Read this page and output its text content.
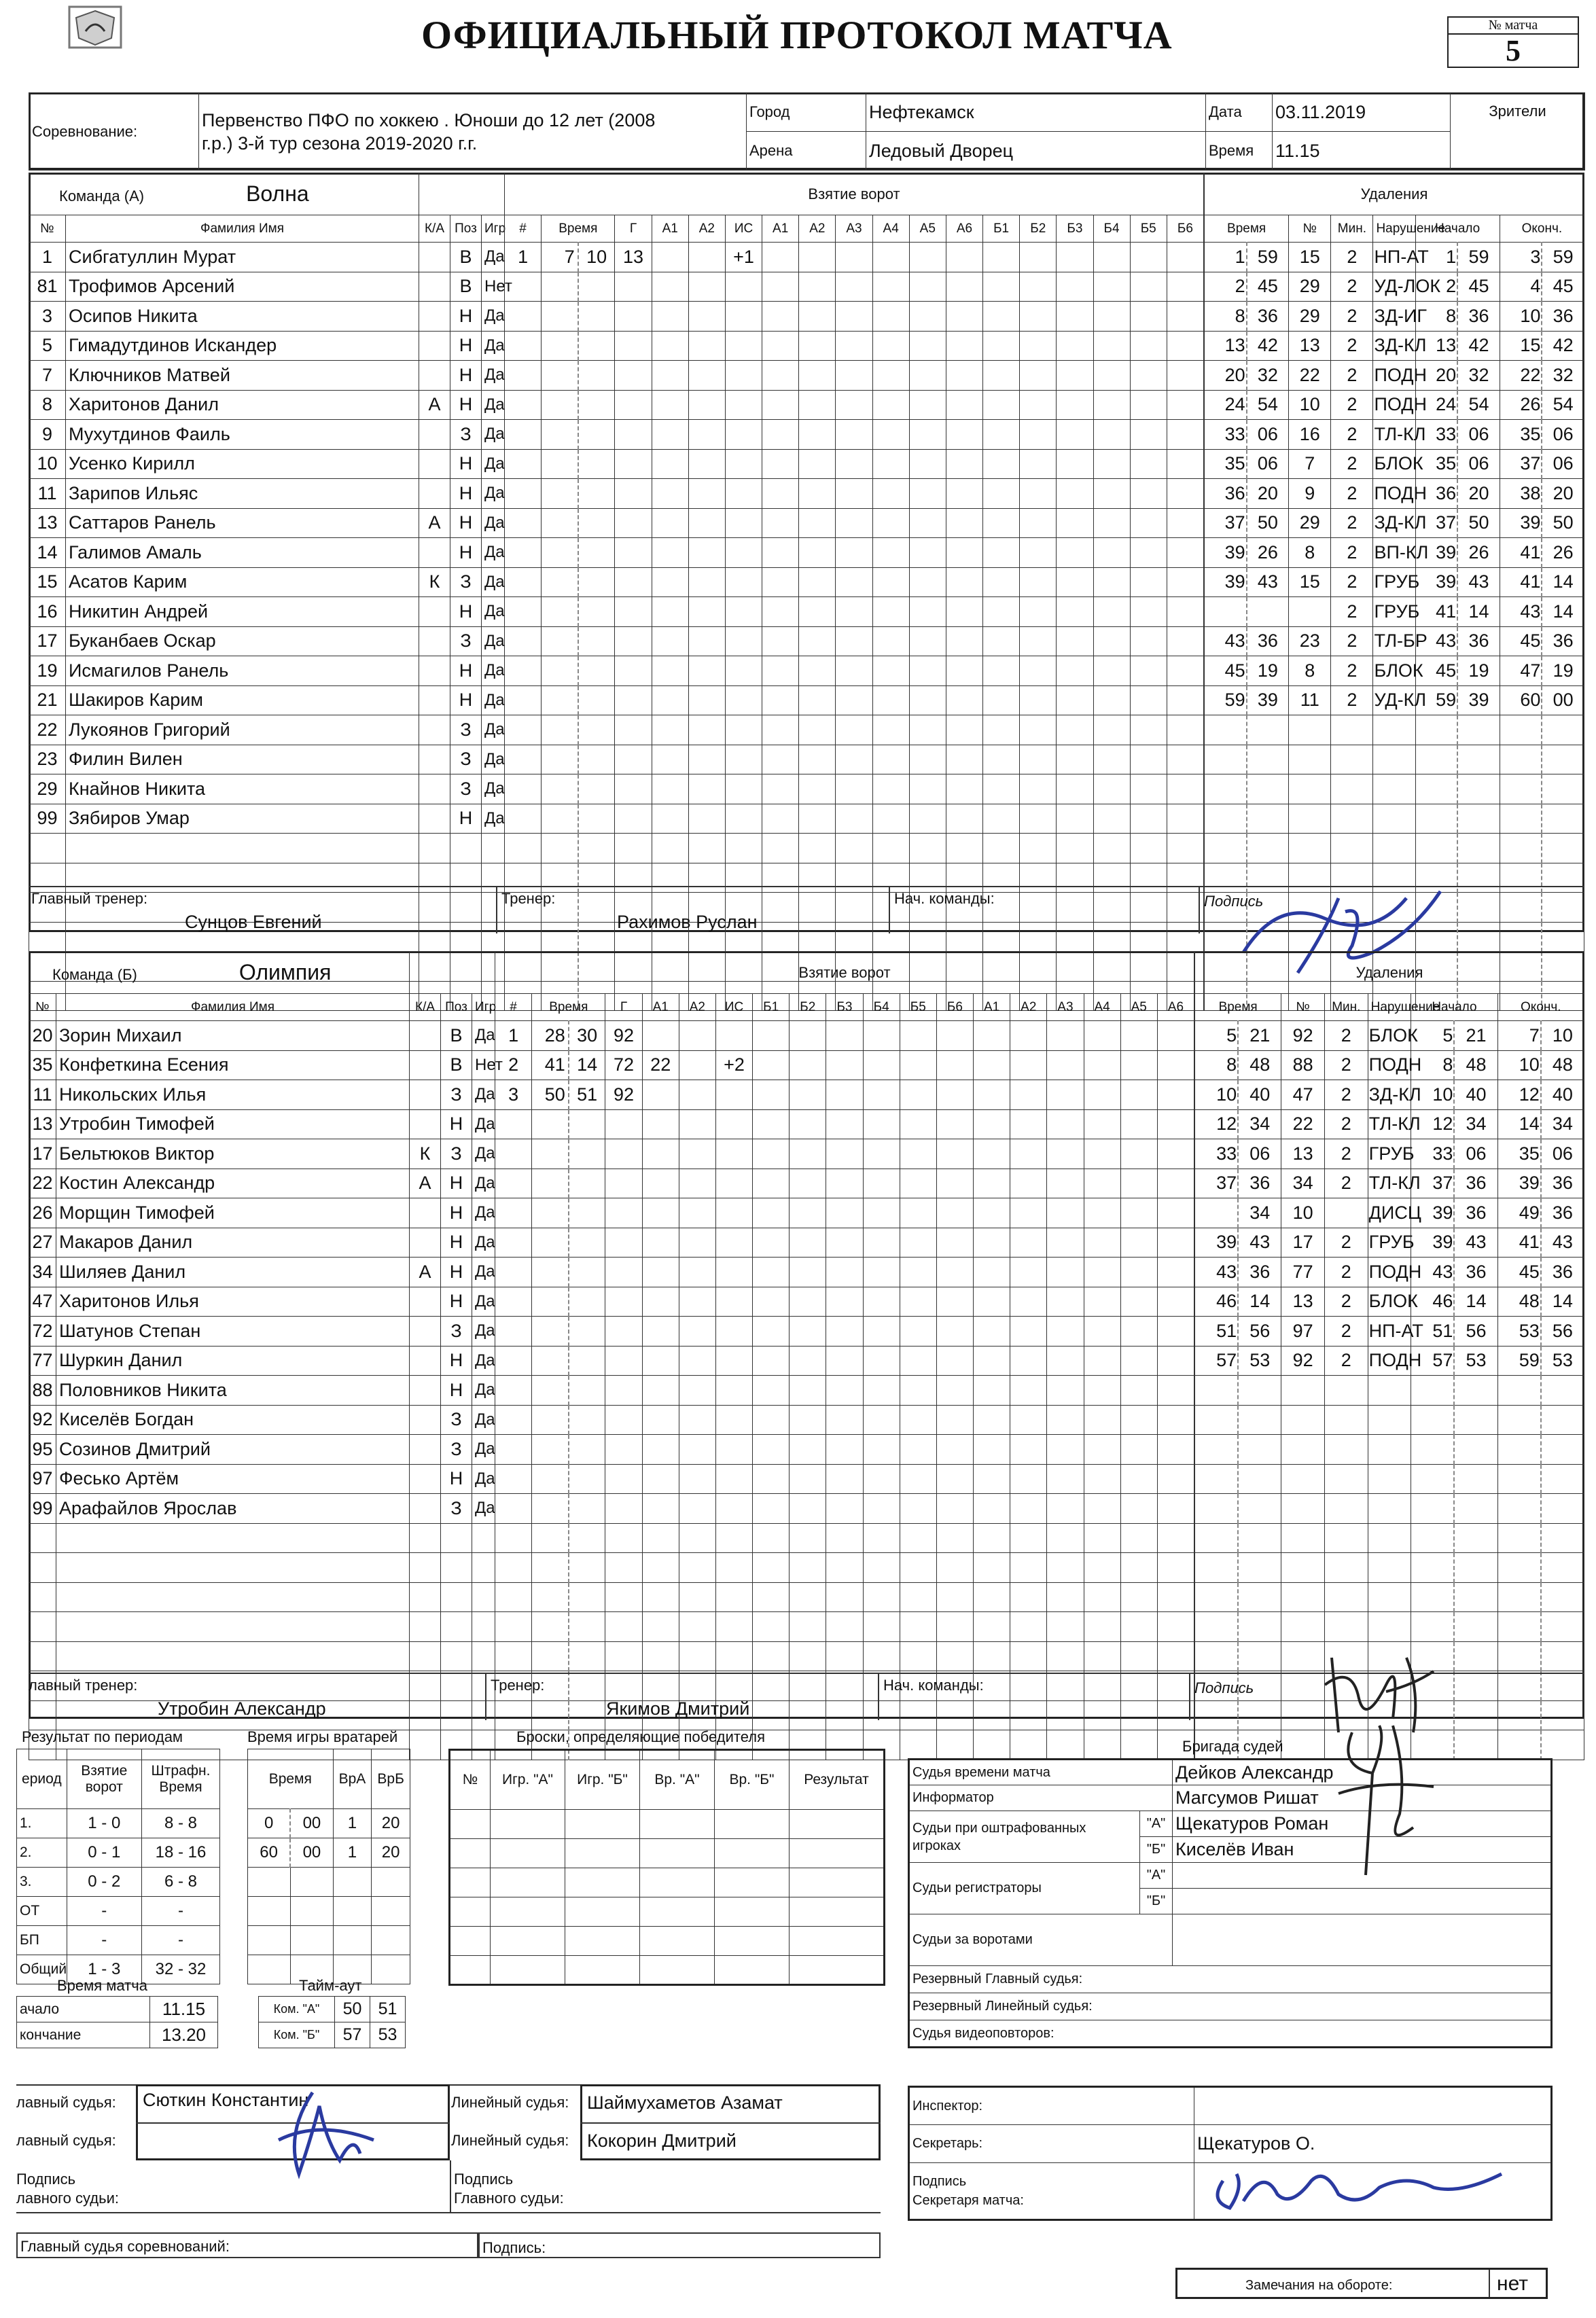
ОФИЦИАЛЬНЫЙ ПРОТОКОЛ МАТЧА	№ матча
5
Соревнование:	Первенство ПФО по хоккею . Юноши до 12 лет (2008
г.р.) 3-й тур сезона 2019-2020 г.г.	Город	Нефтекамск	Дата	03.11.2019	Зрители
		Арена	Ледовый Дворец	Время	11.15	
Команда (А) Волна				
№	Фамилия Имя	К/А	Поз	Игр
1	Сибгатуллин Мурат		В	Да
81	Трофимов Арсений		В	Нет
3	Осипов Никита		Н	Да
5	Гимадутдинов Искандер		Н	Да
7	Ключников Матвей		Н	Да
8	Харитонов Данил	А	Н	Да
9	Мухутдинов Фаиль		З	Да
10	Усенко Кирилл		Н	Да
11	Зарипов Ильяс		Н	Да
13	Саттаров Ранель	А	Н	Да
14	Галимов Амаль		Н	Да
15	Асатов Карим	К	З	Да
16	Никитин Андрей		Н	Да
17	Буканбаев Оскар		З	Да
19	Исмагилов Ранель		Н	Да
21	Шакиров Карим		Н	Да
22	Лукоянов Григорий		З	Да
23	Филин Вилен		З	Да
29	Кнайнов Никита		З	Да
99	Зябиров Умар		Н	Да

Взятие ворот																		
#	Время		Г	А1	А2	ИС	А1	А2	А3	А4	А5	А6	Б1	Б2	Б3	Б4	Б5	Б6
1	7	10	13			+1												

Удаления								
Время		№	Мин.	Нарушение	Начало		Оконч.	
1	59	15	2	НП-АТ	1	59	3	59
2	45	29	2	УД-ЛОК	2	45	4	45
8	36	29	2	ЗД-ИГ	8	36	10	36
13	42	13	2	ЗД-КЛ	13	42	15	42
20	32	22	2	ПОДН	20	32	22	32
24	54	10	2	ПОДН	24	54	26	54
33	06	16	2	ТЛ-КЛ	33	06	35	06
35	06	7	2	БЛОК	35	06	37	06
36	20	9	2	ПОДН	36	20	38	20
37	50	29	2	ЗД-КЛ	37	50	39	50
39	26	8	2	ВП-КЛ	39	26	41	26
39	43	15	2	ГРУБ	39	43	41	14
			2	ГРУБ	41	14	43	14
43	36	23	2	ТЛ-БР	43	36	45	36
45	19	8	2	БЛОК	45	19	47	19
59	39	11	2	УД-КЛ	59	39	60	00

Главный тренер:
Сунцов Евгений
Тренер:
Рахимов Руслан
Нач. команды:	Подпись
Команда (Б) Олимпия				
№	Фамилия Имя	К/А	Поз	Игр
20	Зорин Михаил		В	Да
35	Конфеткина Есения		В	Нет
11	Никольских Илья		З	Да
13	Утробин Тимофей		Н	Да
17	Бельтюков Виктор	К	З	Да
22	Костин Александр	А	Н	Да
26	Морщин Тимофей		Н	Да
27	Макаров Данил		Н	Да
34	Шиляев Данил	А	Н	Да
47	Харитонов Илья		Н	Да
72	Шатунов Степан		З	Да
77	Шуркин Данил		Н	Да
88	Половников Никита		Н	Да
92	Киселёв Богдан		З	Да
95	Созинов Дмитрий		З	Да
97	Фесько Артём		Н	Да
99	Арафайлов Ярослав		З	Да

Взятие ворот																		
#	Время		Г	А1	А2	ИС	Б1	Б2	Б3	Б4	Б5	Б6	А1	А2	А3	А4	А5	А6
1	28	30	92															
2	41	14	72	22		+2												
3	50	51	92															

Удаления								
Время		№	Мин.	Нарушение	Начало		Оконч.	
5	21	92	2	БЛОК	5	21	7	10
8	48	88	2	ПОДН	8	48	10	48
10	40	47	2	ЗД-КЛ	10	40	12	40
12	34	22	2	ТЛ-КЛ	12	34	14	34
33	06	13	2	ГРУБ	33	06	35	06
37	36	34	2	ТЛ-КЛ	37	36	39	36
	34	10		ДИСЦ	39	36	49	36
39	43	17	2	ГРУБ	39	43	41	43
43	36	77	2	ПОДН	43	36	45	36
46	14	13	2	БЛОК	46	14	48	14
51	56	97	2	НП-АТ	51	56	53	56
57	53	92	2	ПОДН	57	53	59	53

лавный тренер:
Утробин Александр
Тренер:
Якимов Дмитрий
Нач. команды:	Подпись
Результат по периодам
ериод	Взятие
ворот	Штрафн.
Время
1.	1 - 0	8 - 8
2.	0 - 1	18 - 16
3.	0 - 2	6 - 8
ОТ	-	-
БП	-	-
Общий	1 - 3	32 - 32
Время игры вратарей
Время		ВрА	ВрБ
0	00	1	20
60	00	1	20

Броски, определяющие победителя
№	Игр. "А"	Игр. "Б"	Вр. "А"	Вр. "Б"	Результат

Время матча
ачало	11.15
кончание	13.20
Тайм-аут
Ком. "А"	50	51
Ком. "Б"	57	53
Бригада судей
Судья времени матча		Дейков Александр
Информатор		Магсумов Ришат
Судьи при оштрафованных
игроках	"А"	Щекатуров Роман
	"Б"	Киселёв Иван
Судьи регистраторы	"А"	
	"Б"	
Судьи за воротами		
Резервный Главный судья:		
Резервный Линейный судья:		
Судья видеоповторов:		
лавный судья: Сюткин Константин
лавный судья:
Линейный судья:
Линейный судья:
Шаймухаметов Азамат
Кокорин Дмитрий
Подпись
лавного судьи:
Подпись
Главного судьи:
Главный судья соревнований:	Подпись:
Инспектор:	
Секретарь:	Щекатуров О.
Подпись
Секретаря матча:	
Замечания на обороте:	нет
